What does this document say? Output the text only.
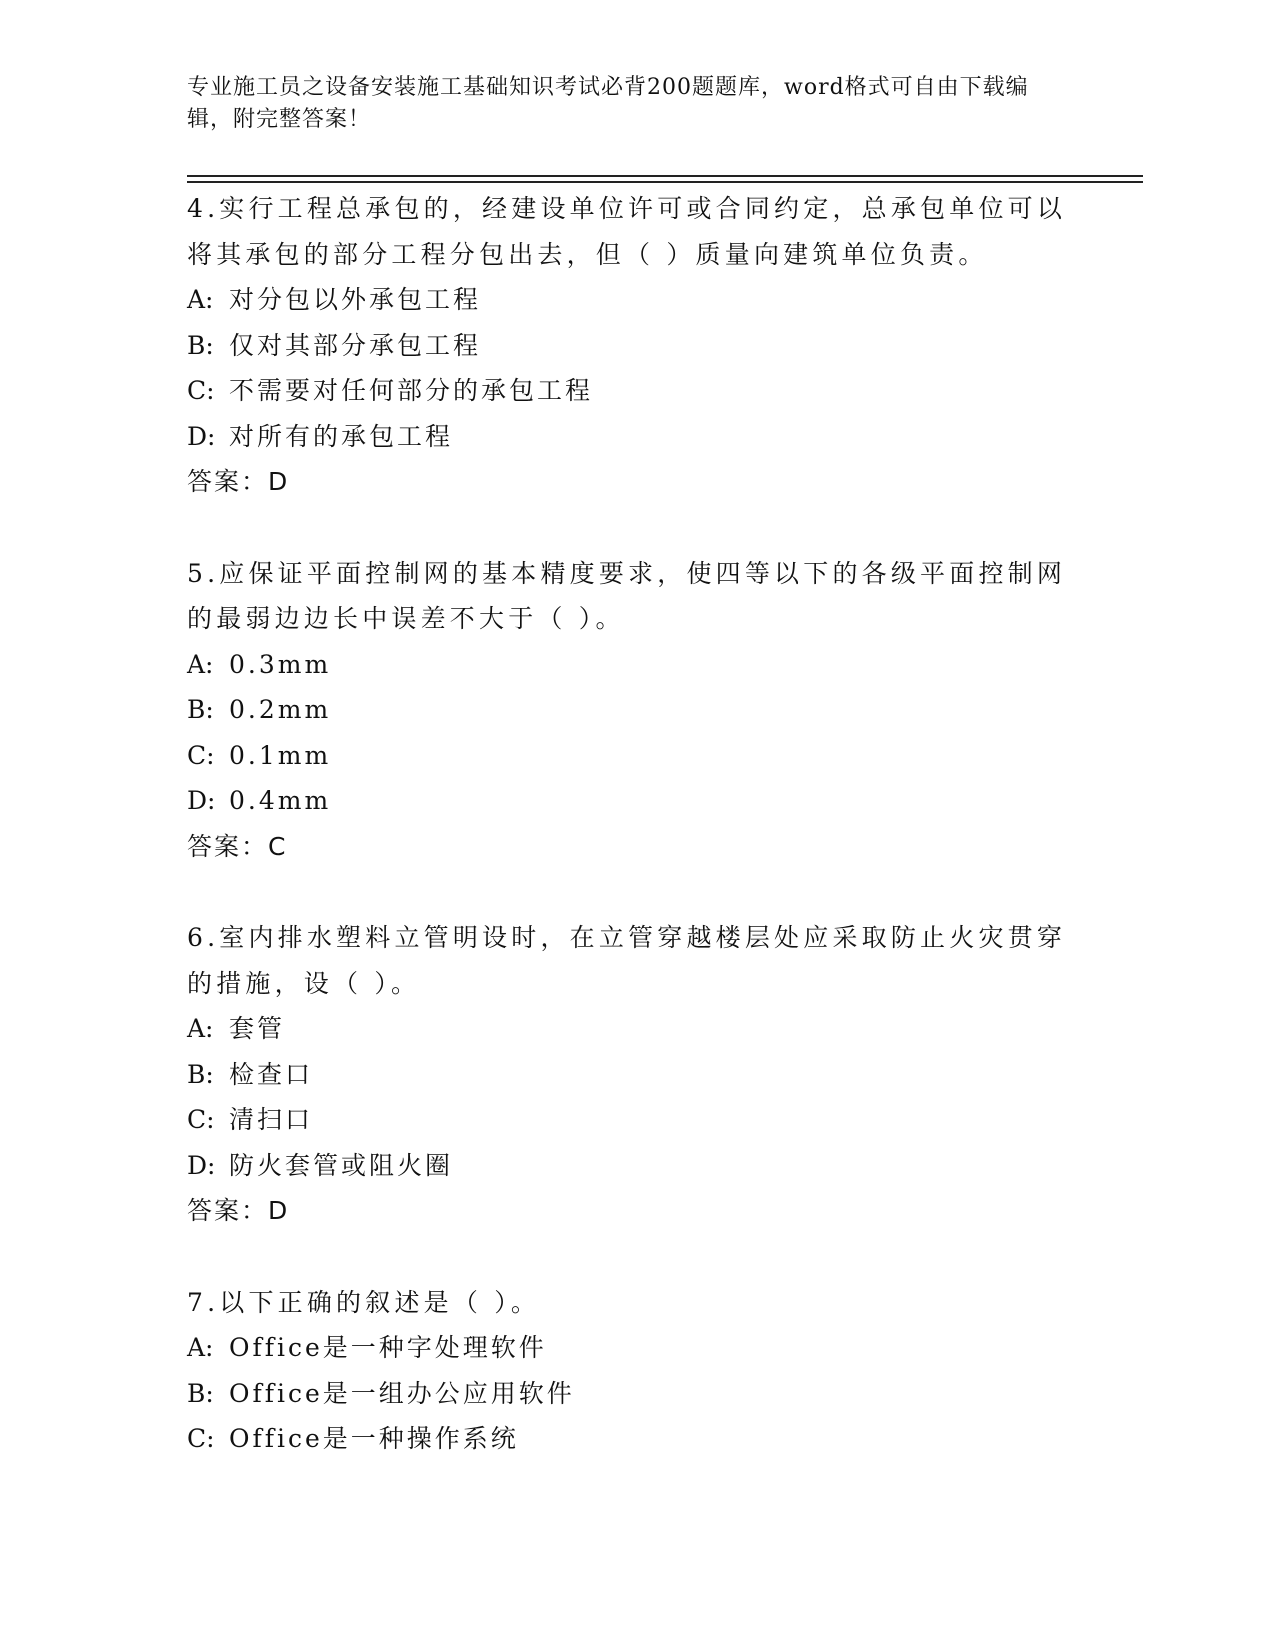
专业施工员之设备安装施工基础知识考试必背200题题库，word格式可自由下载编辑，附完整答案！
4.实行工程总承包的，经建设单位许可或合同约定，总承包单位可以将其承包的部分工程分包出去，但（ ）质量向建筑单位负责。
A: 对分包以外承包工程
B: 仅对其部分承包工程
C: 不需要对任何部分的承包工程
D: 对所有的承包工程
答案：D
5.应保证平面控制网的基本精度要求，使四等以下的各级平面控制网的最弱边边长中误差不大于（ ）。
A: 0.3mm
B: 0.2mm
C: 0.1mm
D: 0.4mm
答案：C
6.室内排水塑料立管明设时，在立管穿越楼层处应采取防止火灾贯穿的措施，设（ ）。
A: 套管
B: 检查口
C: 清扫口
D: 防火套管或阻火圈
答案：D
7.以下正确的叙述是（ ）。
A: Office是一种字处理软件
B: Office是一组办公应用软件
C: Office是一种操作系统
